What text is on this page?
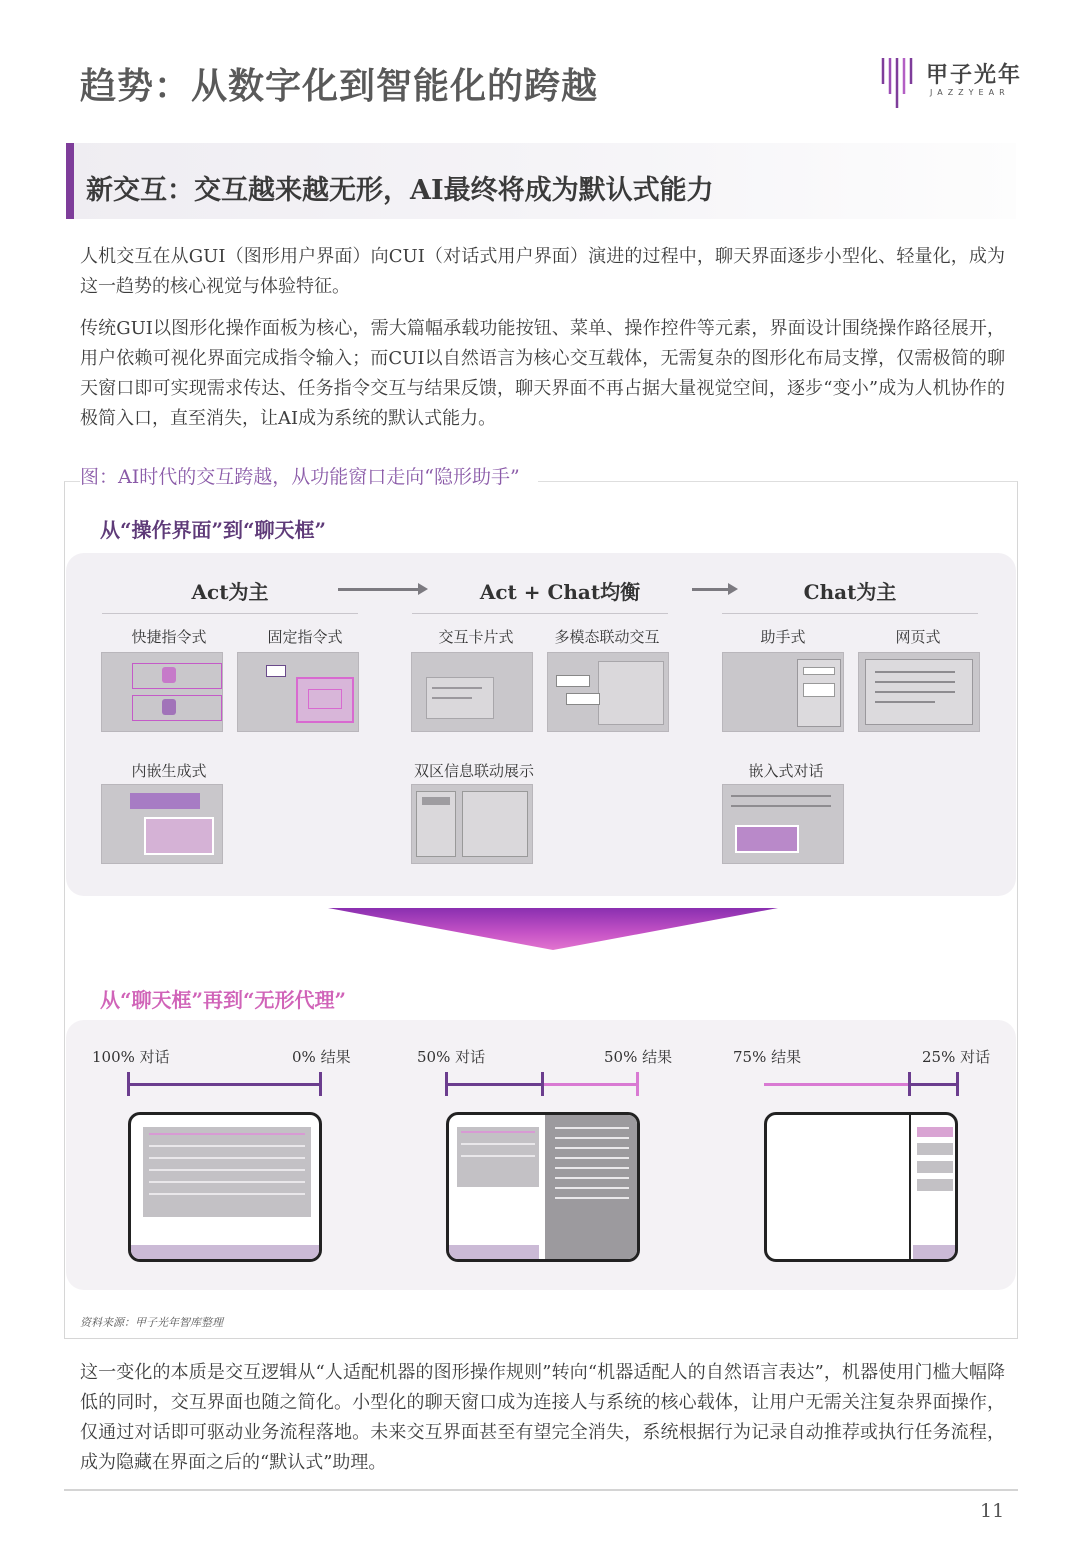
趋势：从数字化到智能化的跨越	甲子光年
JAZZYEAR
新交互：交互越来越无形，AI最终将成为默认式能力
人机交互在从GUI（图形用户界面）向CUI（对话式用户界面）演进的过程中，聊天界面逐步小型化、轻量化，成为这一趋势的核心视觉与体验特征。
传统GUI以图形化操作面板为核心，需大篇幅承载功能按钮、菜单、操作控件等元素，界面设计围绕操作路径展开，用户依赖可视化界面完成指令输入；而CUI以自然语言为核心交互载体，无需复杂的图形化布局支撑，仅需极简的聊天窗口即可实现需求传达、任务指令交互与结果反馈，聊天界面不再占据大量视觉空间，逐步“变小”成为人机协作的极简入口，直至消失，让AI成为系统的默认式能力。
图：AI时代的交互跨越，从功能窗口走向“隐形助手”
从“操作界面”到“聊天框”
Act为主	Act + Chat均衡	Chat为主
快捷指令式	固定指令式	交互卡片式	多模态联动交互	助手式	网页式
内嵌生成式	双区信息联动展示	嵌入式对话
从“聊天框”再到“无形代理”
100% 对话	0% 结果	50% 对话	50% 结果	75% 结果	25% 对话
资料来源：甲子光年智库整理
这一变化的本质是交互逻辑从“人适配机器的图形操作规则”转向“机器适配人的自然语言表达”，机器使用门槛大幅降低的同时，交互界面也随之简化。小型化的聊天窗口成为连接人与系统的核心载体，让用户无需关注复杂界面操作，仅通过对话即可驱动业务流程落地。未来交互界面甚至有望完全消失，系统根据行为记录自动推荐或执行任务流程，成为隐藏在界面之后的“默认式”助理。
11
